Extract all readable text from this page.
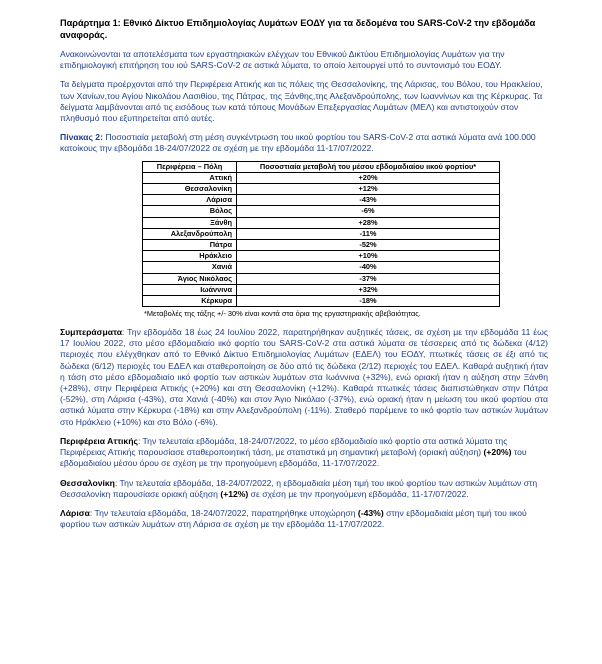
Παράρτημα 1: Εθνικό Δίκτυο Επιδημιολογίας Λυμάτων ΕΟΔΥ για τα δεδομένα του SARS-CoV-2 την εβδομάδα αναφοράς.

Ανακοινώνονται τα αποτελέσματα των εργαστηριακών ελέγχων του Εθνικού Δικτύου Επιδημιολογίας Λυμάτων για την επιδημιολογική επιτήρηση του ιού SARS-CoV-2 σε αστικά λύματα, το οποίο λειτουργεί υπό το συντονισμό του ΕΟΔΥ.

Τα δείγματα προέρχονται από την Περιφέρεια Αττικής και τις πόλεις της Θεσσαλονίκης, της Λάρισας, του Βόλου, του Ηρακλείου, των Χανίων,του Αγίου Νικολάου Λασιθίου, της Πάτρας, της Ξάνθης,της Αλεξανδρούπολης, των Ιωαννίνων και της Κέρκυρας. Τα δείγματα λαμβάνονται από τις εισόδους των κατά τόπους Μονάδων Επεξεργασίας Λυμάτων (ΜΕΛ) και αντιστοιχούν στον πληθυσμό που εξυπηρετείται από αυτές.

Πίνακας 2: Ποσοστιαία μεταβολή στη μέση συγκέντρωση του ιικού φορτίου του SARS-CoV-2 στα αστικά λύματα ανά 100.000 κατοίκους την εβδομάδα 18-24/07/2022 σε σχέση με την εβδομάδα 11-17/07/2022.
Περιφέρεια – Πόλη	Ποσοστιαία μεταβολή του μέσου εβδομαδιαίου ιικού φορτίου*
Αττική	+20%
Θεσσαλονίκη	+12%
Λάρισα	-43%
Βόλος	-6%
Ξάνθη	+28%
Αλεξανδρούπολη	-11%
Πάτρα	-52%
Ηράκλειο	+10%
Χανιά	-40%
Άγιος Νικόλαος	-37%
Ιωάννινα	+32%
Κέρκυρα	-18%
*Μεταβολές της τάξης +/- 30% είναι κοντά στα όρια της εργαστηριακής αβεβαιότητας.

Συμπεράσματα: Την εβδομάδα 18 έως 24 Ιουλίου 2022, παρατηρήθηκαν αυξητικές τάσεις, σε σχέση με την εβδομάδα 11 έως 17 Ιουλίου 2022, στο μέσο εβδομαδιαίο ιικό φορτίο του SARS-CoV-2 στα αστικά λύματα σε τέσσερεις από τις δώδεκα (4/12) περιοχές που ελέγχθηκαν από το Εθνικό Δίκτυο Επιδημιολογίας Λυμάτων (ΕΔΕΛ) του ΕΟΔΥ, πτωτικές τάσεις σε έξι από τις δώδεκα (6/12) περιοχές του ΕΔΕΛ και σταθεροποίηση σε δύο από τις δώδεκα (2/12) περιοχές του ΕΔΕΛ. Καθαρά αυξητική ήταν η τάση στο μέσο εβδομαδιαίο ιικό φορτίο των αστικών λυμάτων στα Ιωάννινα (+32%), ενώ οριακή ήταν η αύξηση στην Ξάνθη (+28%), στην Περιφέρεια Αττικής (+20%) και στη Θεσσαλονίκη (+12%). Καθαρά πτωτικές τάσεις διαπιστώθηκαν στην Πάτρα (-52%), στη Λάρισα (-43%), στα Χανιά (-40%) και στον Άγιο Νικόλαο (-37%), ενώ οριακή ήταν η μείωση του ιικού φορτίου στα αστικά λύματα στην Κέρκυρα (-18%) και στην Αλεξανδρούπολη (-11%). Σταθερό παρέμεινε το ιικό φορτίο των αστικών λυμάτων στο Ηράκλειο (+10%) και στο Βόλο (-6%).

Περιφέρεια Αττικής: Την τελευταία εβδομάδα, 18-24/07/2022, το μέσο εβδομαδιαίο ιικό φορτίο στα αστικά λύματα της Περιφέρειας Αττικής παρουσίασε σταθεροποιητική τάση, με στατιστικά μη σημαντική μεταβολή (οριακή αύξηση) (+20%) του εβδομαδιαίου μέσου όρου σε σχέση με την προηγούμενη εβδομάδα, 11-17/07/2022.

Θεσσαλονίκη: Την τελευταία εβδομάδα, 18-24/07/2022, η εβδομαδιαία μέση τιμή του ιικού φορτίου των αστικών λυμάτων στη Θεσσαλονίκη παρουσίασε οριακή αύξηση (+12%) σε σχέση με την προηγούμενη εβδομάδα, 11-17/07/2022.

Λάρισα: Την τελευταία εβδομάδα, 18-24/07/2022, παρατηρήθηκε υποχώρηση (-43%) στην εβδομαδιαία μέση τιμή του ιικού φορτίου των αστικών λυμάτων στη Λάρισα σε σχέση με την εβδομάδα 11-17/07/2022.
